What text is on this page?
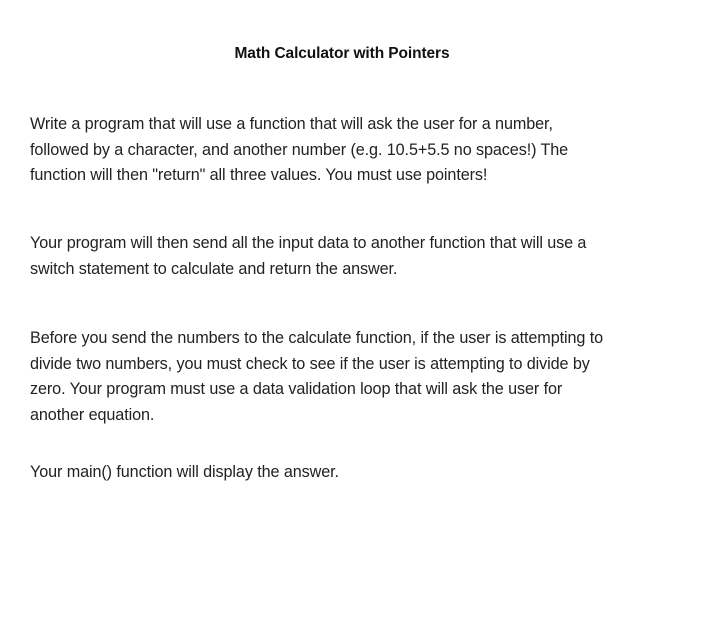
Math Calculator with Pointers

Write a program that will use a function that will ask the user for a number,
followed by a character, and another number (e.g. 10.5+5.5 no spaces!) The
function will then "return" all three values. You must use pointers!

Your program will then send all the input data to another function that will use a
switch statement to calculate and return the answer.

Before you send the numbers to the calculate function, if the user is attempting to
divide two numbers, you must check to see if the user is attempting to divide by
zero. Your program must use a data validation loop that will ask the user for
another equation.

Your main() function will display the answer.
